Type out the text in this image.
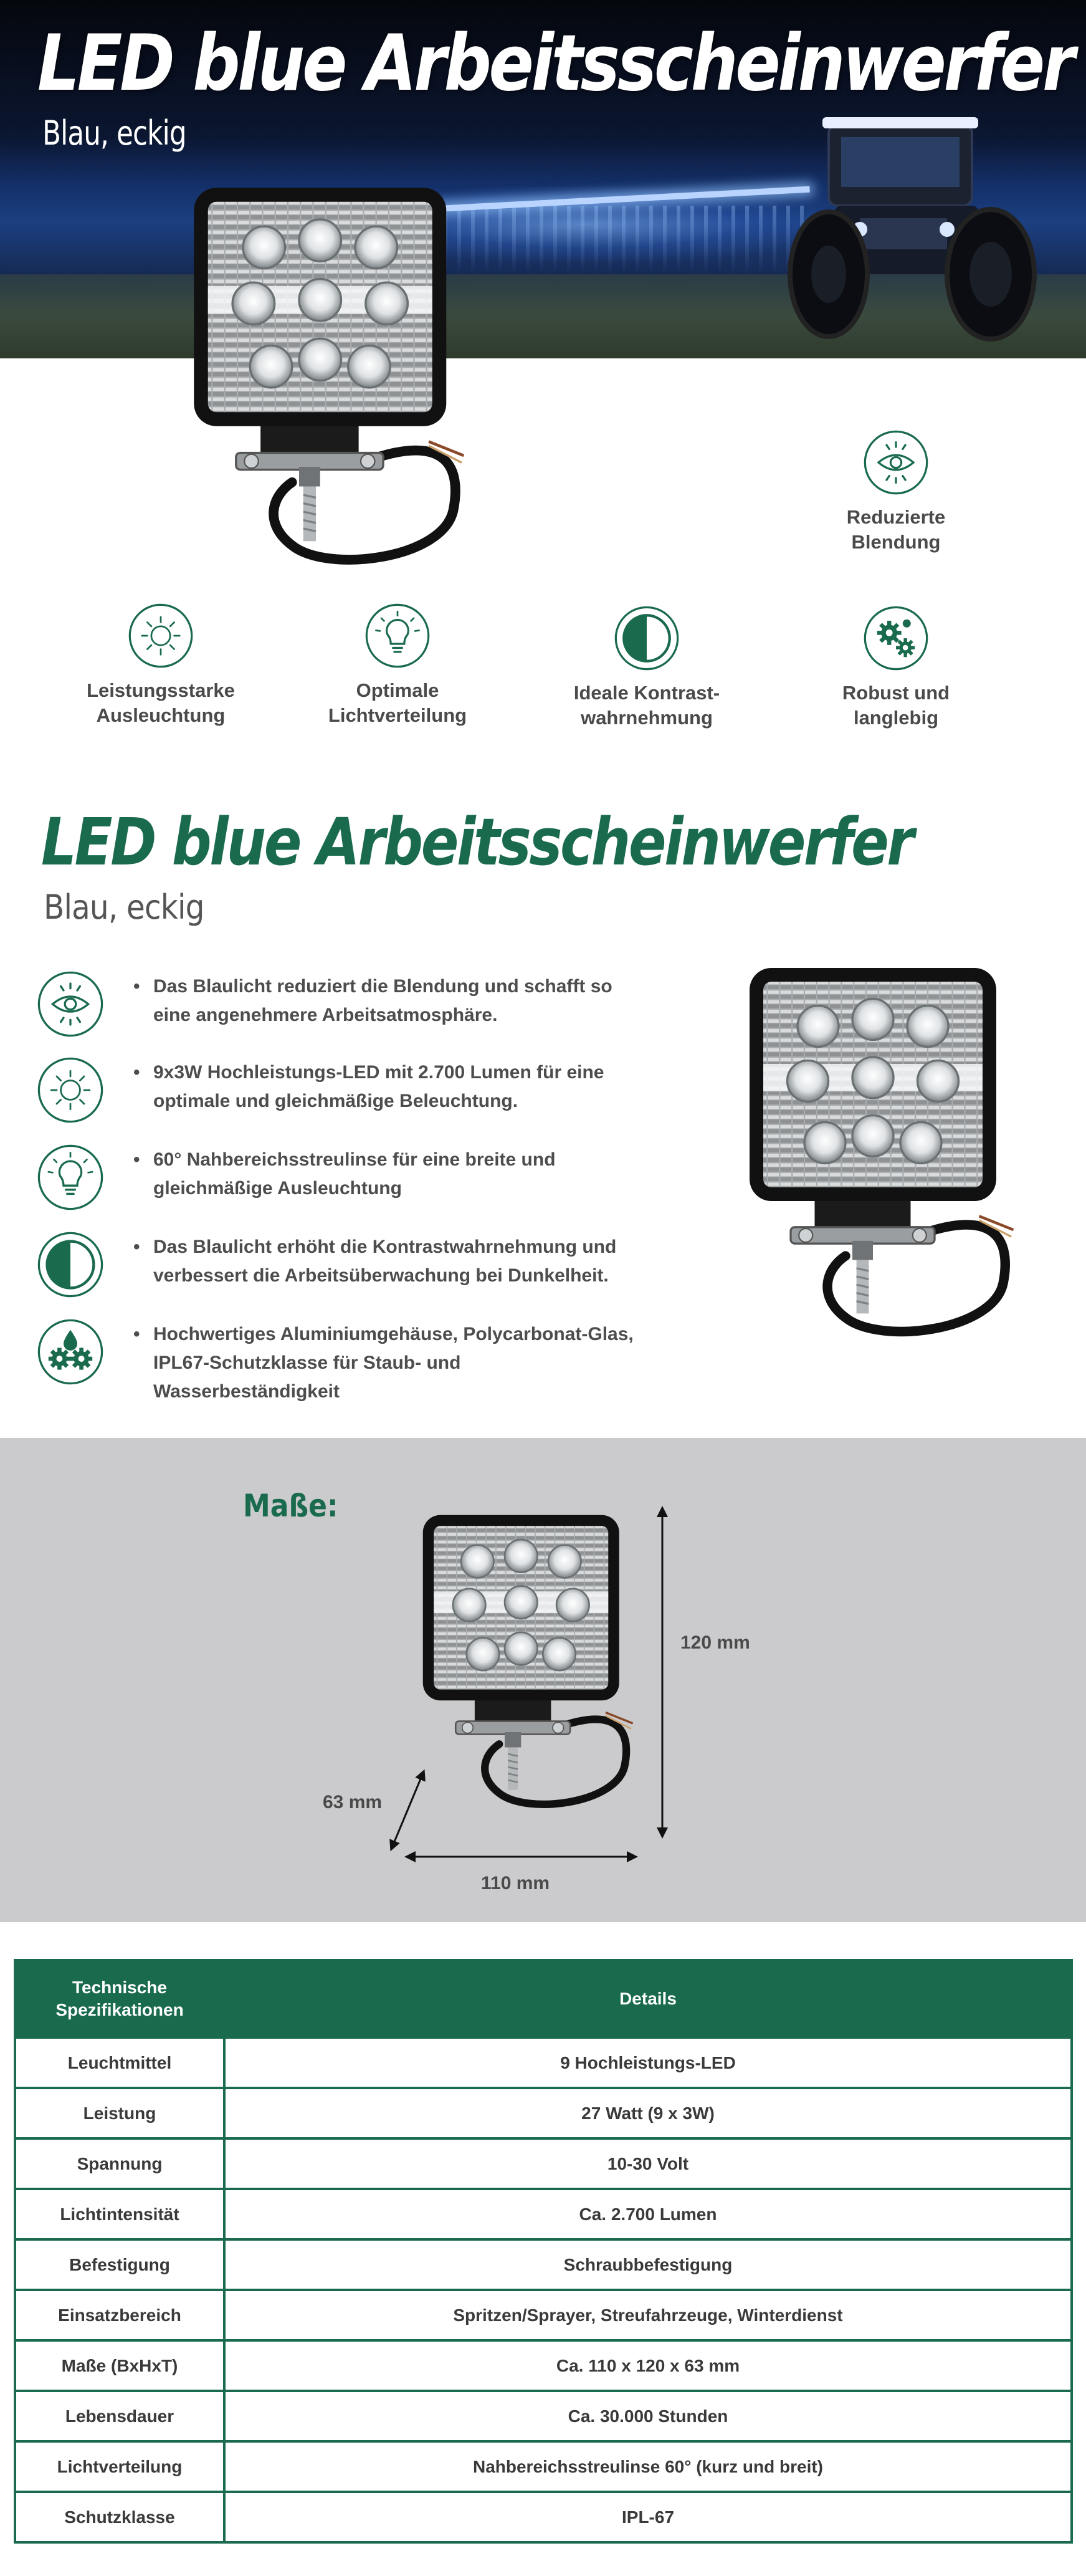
LED blue Arbeitsscheinwerfer
Blau, eckig
Reduzierte
Blendung
Leistungsstarke
Ausleuchtung
Optimale
Lichtverteilung
Ideale Kontrast-
wahrnehmung
Robust und
langlebig
LED blue Arbeitsscheinwerfer
Blau, eckig
• Das Blaulicht reduziert die Blendung und schafft so
eine angenehmere Arbeitsatmosphäre.
• 9x3W Hochleistungs-LED mit 2.700 Lumen für eine
optimale und gleichmäßige Beleuchtung.
• 60° Nahbereichsstreulinse für eine breite und
gleichmäßige Ausleuchtung
• Das Blaulicht erhöht die Kontrastwahrnehmung und
verbessert die Arbeitsüberwachung bei Dunkelheit.
• Hochwertiges Aluminiumgehäuse, Polycarbonat-Glas,
IPL67-Schutzklasse für Staub- und
Wasserbeständigkeit
Maße:
120 mm
63 mm
110 mm
Technische
Spezifikationen	Details
Leuchtmittel	9 Hochleistungs-LED
Leistung	27 Watt (9 x 3W)
Spannung	10-30 Volt
Lichtintensität	Ca. 2.700 Lumen
Befestigung	Schraubbefestigung
Einsatzbereich	Spritzen/Sprayer, Streufahrzeuge, Winterdienst
Maße (BxHxT)	Ca. 110 x 120 x 63 mm
Lebensdauer	Ca. 30.000 Stunden
Lichtverteilung	Nahbereichsstreulinse 60° (kurz und breit)
Schutzklasse	IPL-67
